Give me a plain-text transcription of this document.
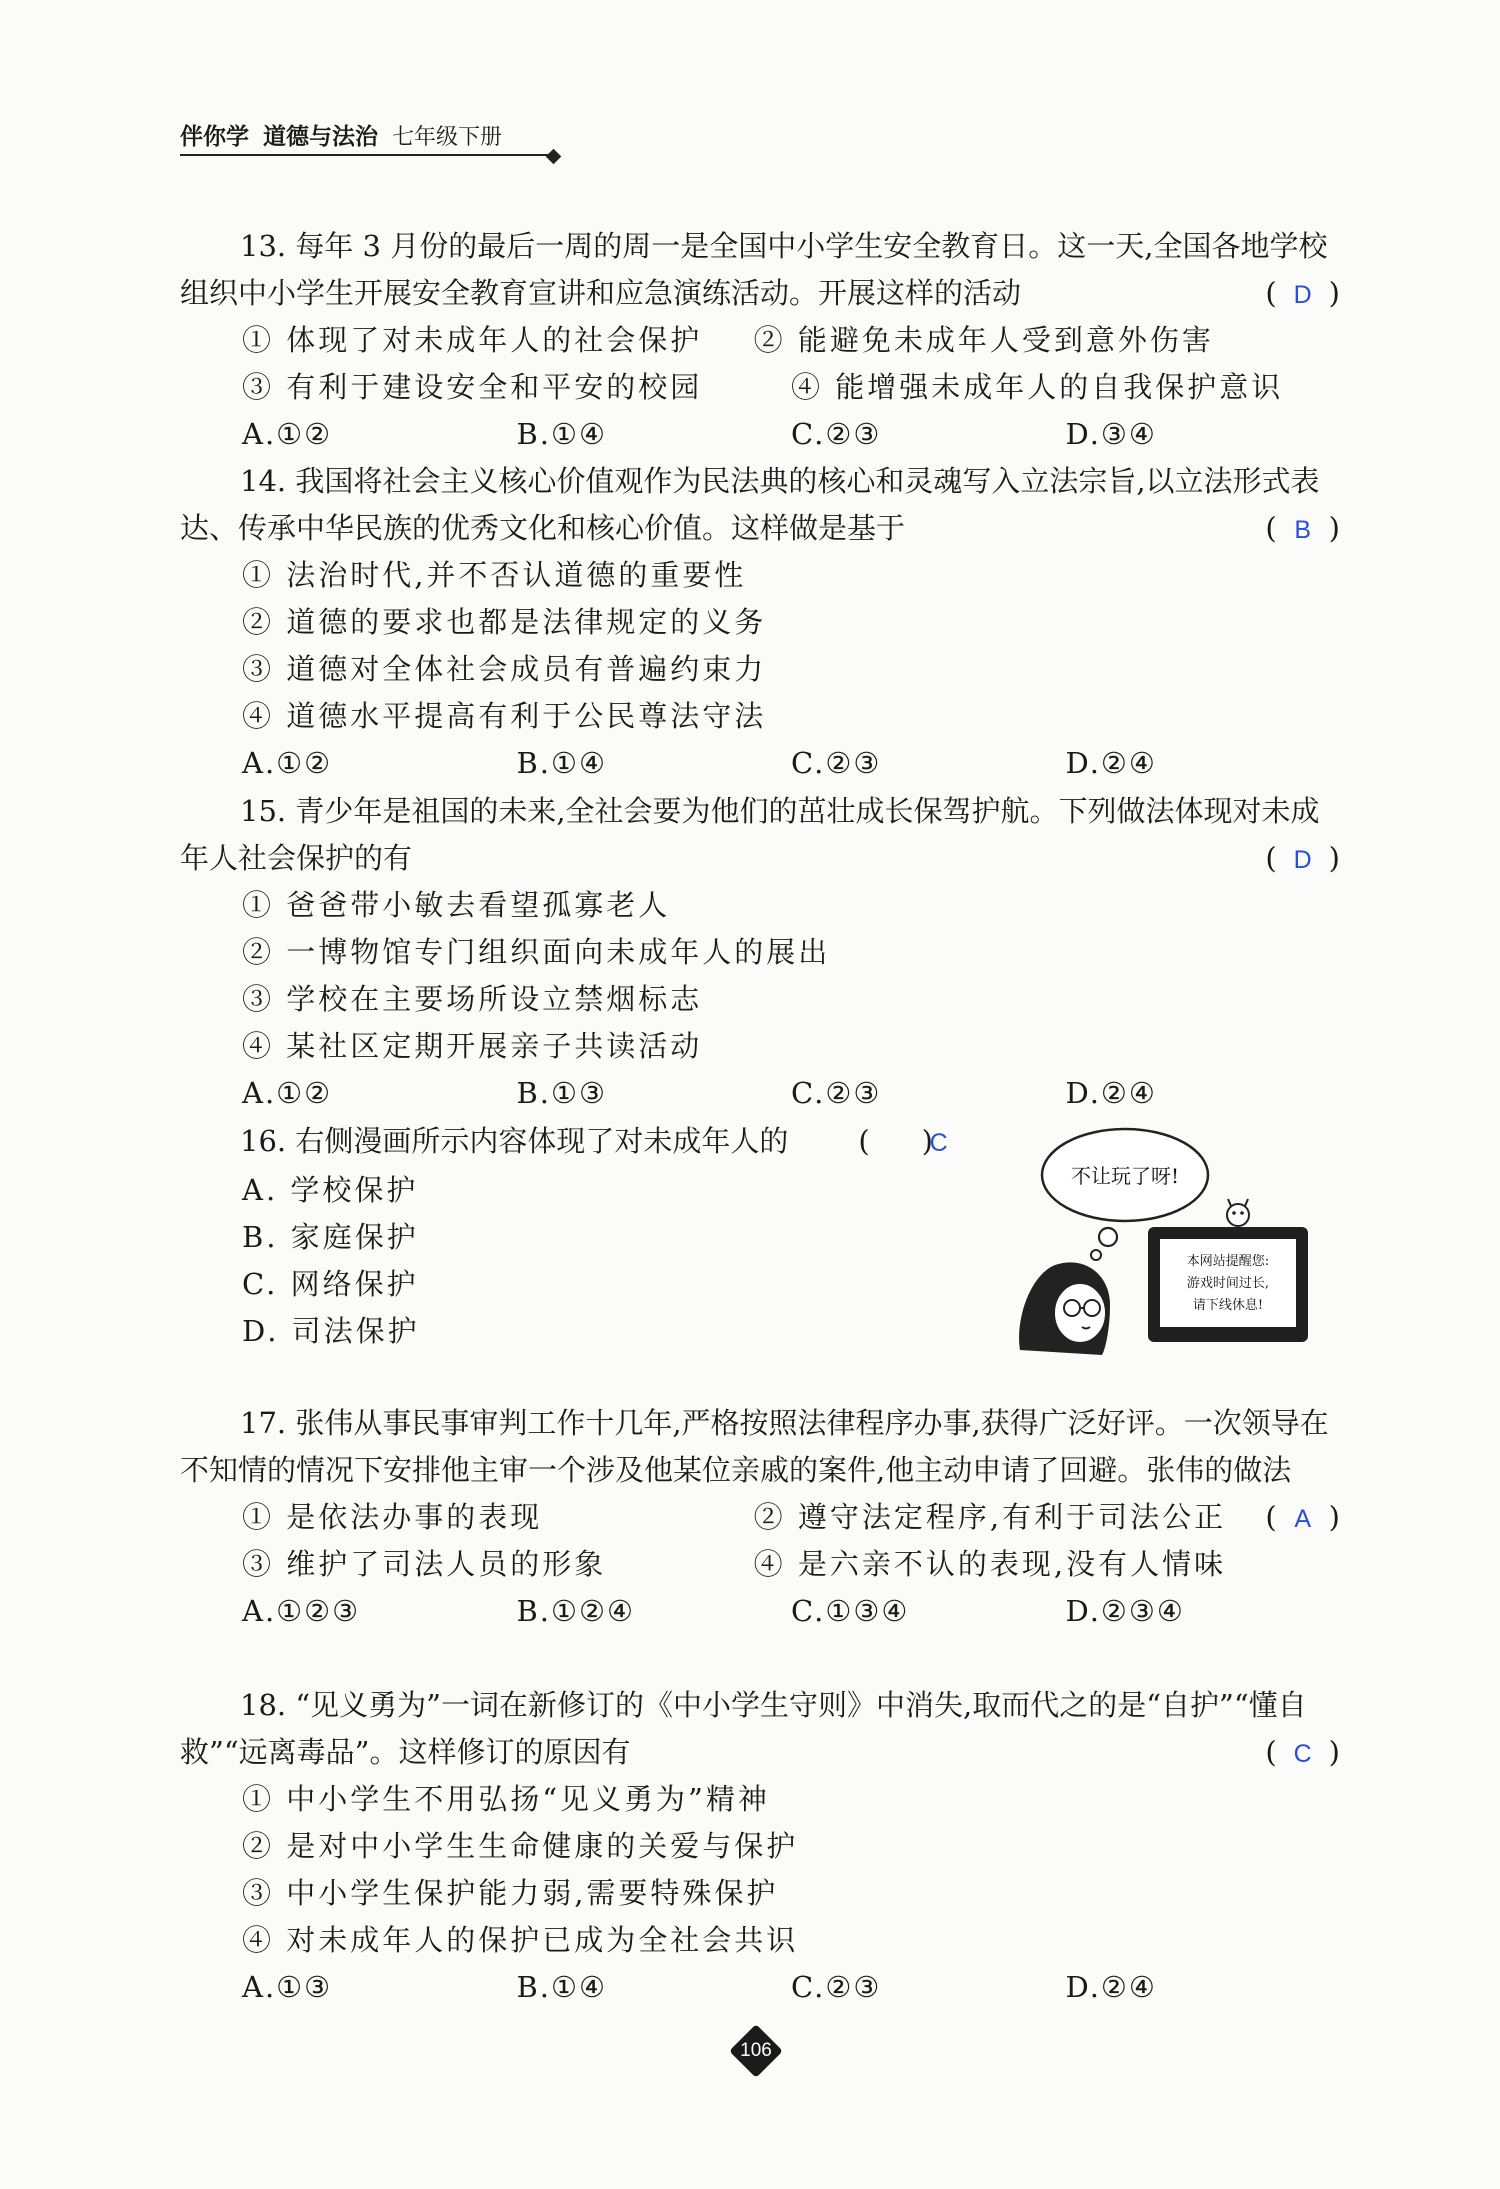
伴你学 道德与法治 七年级下册

13. 每年 3 月份的最后一周的周一是全国中小学生安全教育日。这一天,全国各地学校组织中小学生开展安全教育宣讲和应急演练活动。开展这样的活动	( D )

① 体现了对未成年人的社会保护	② 能避免未成年人受到意外伤害
③ 有利于建设安全和平安的校园	④ 能增强未成年人的自我保护意识
A.①②	B.①④	C.②③	D.③④

14. 我国将社会主义核心价值观作为民法典的核心和灵魂写入立法宗旨,以立法形式表达、传承中华民族的优秀文化和核心价值。这样做是基于	( B )

① 法治时代,并不否认道德的重要性
② 道德的要求也都是法律规定的义务
③ 道德对全体社会成员有普遍约束力
④ 道德水平提高有利于公民尊法守法
A.①②	B.①④	C.②③	D.②④

15. 青少年是祖国的未来,全社会要为他们的茁壮成长保驾护航。下列做法体现对未成年人社会保护的有	( D )

① 爸爸带小敏去看望孤寡老人
② 一博物馆专门组织面向未成年人的展出
③ 学校在主要场所设立禁烟标志
④ 某社区定期开展亲子共读活动
A.①②	B.①③	C.②③	D.②④

16. 右侧漫画所示内容体现了对未成年人的 ( C)

A. 学校保护
B. 家庭保护
C. 网络保护
D. 司法保护
不让玩了呀!
本网站提醒您:
游戏时间过长,
请下线休息!

17. 张伟从事民事审判工作十几年,严格按照法律程序办事,获得广泛好评。一次领导在不知情的情况下安排他主审一个涉及他某位亲戚的案件,他主动申请了回避。张伟的做法
( A )

① 是依法办事的表现	② 遵守法定程序,有利于司法公正
③ 维护了司法人员的形象	④ 是六亲不认的表现,没有人情味
A.①②③	B.①②④	C.①③④	D.②③④

18. “见义勇为”一词在新修订的《中小学生守则》中消失,取而代之的是“自护”“懂自救”“远离毒品”。这样修订的原因有	( C )

① 中小学生不用弘扬“见义勇为”精神
② 是对中小学生生命健康的关爱与保护
③ 中小学生保护能力弱,需要特殊保护
④ 对未成年人的保护已成为全社会共识
A.①③	B.①④	C.②③	D.②④
106
